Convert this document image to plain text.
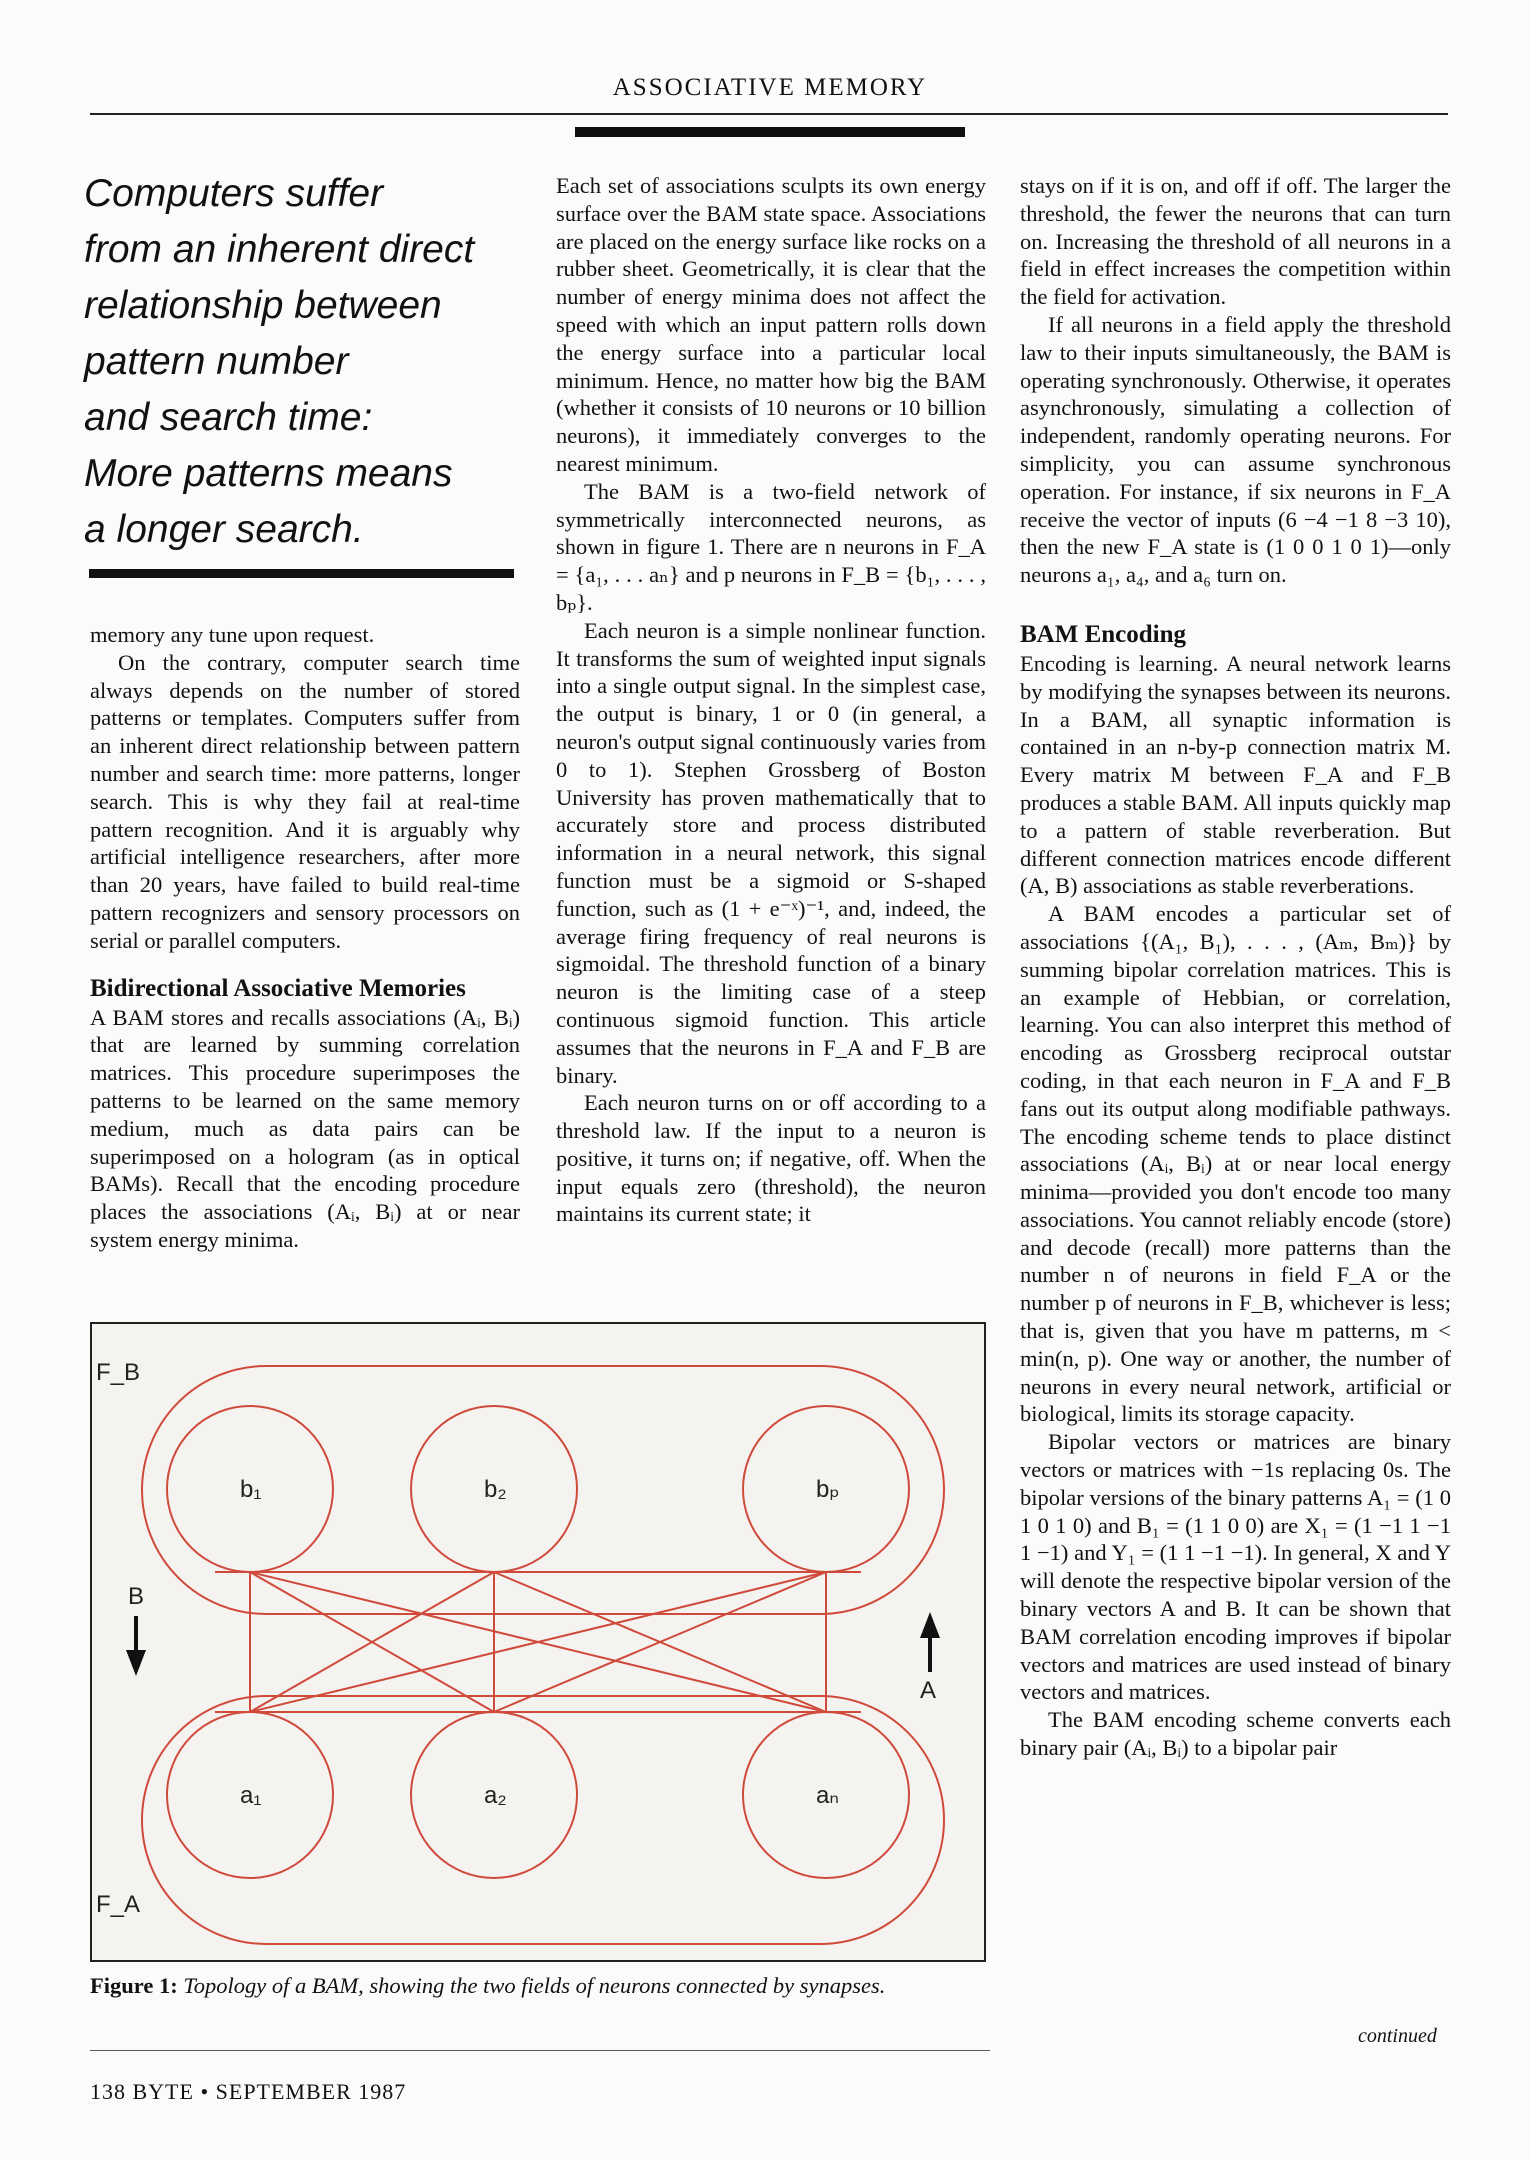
ASSOCIATIVE MEMORY
Computers suffer
from an inherent direct
relationship between
pattern number
and search time:
More patterns means
a longer search.

memory any tune upon request.

On the contrary, computer search time always depends on the number of stored patterns or templates. Computers suffer from an inherent direct relationship between pattern number and search time: more patterns, longer search. This is why they fail at real-time pattern recognition. And it is arguably why artificial intelligence researchers, after more than 20 years, have failed to build real-time pattern recognizers and sensory processors on serial or parallel computers.

Bidirectional Associative Memories

A BAM stores and recalls associations (Aᵢ, Bᵢ) that are learned by summing correlation matrices. This procedure superimposes the patterns to be learned on the same memory medium, much as data pairs can be superimposed on a hologram (as in optical BAMs). Recall that the encoding procedure places the associations (Aᵢ, Bᵢ) at or near system energy minima.

Each set of associations sculpts its own energy surface over the BAM state space. Associations are placed on the energy surface like rocks on a rubber sheet. Geometrically, it is clear that the number of energy minima does not affect the speed with which an input pattern rolls down the energy surface into a particular local minimum. Hence, no matter how big the BAM (whether it consists of 10 neurons or 10 billion neurons), it immediately converges to the nearest minimum.

The BAM is a two-field network of symmetrically interconnected neurons, as shown in figure 1. There are n neurons in F_A = {a₁, . . . aₙ} and p neurons in F_B = {b₁, . . . , bₚ}.

Each neuron is a simple nonlinear function. It transforms the sum of weighted input signals into a single output signal. In the simplest case, the output is binary, 1 or 0 (in general, a neuron's output signal continuously varies from 0 to 1). Stephen Grossberg of Boston University has proven mathematically that to accurately store and process distributed information in a neural network, this signal function must be a sigmoid or S-shaped function, such as (1 + e⁻ˣ)⁻¹, and, indeed, the average firing frequency of real neurons is sigmoidal. The threshold function of a binary neuron is the limiting case of a steep continuous sigmoid function. This article assumes that the neurons in F_A and F_B are binary.

Each neuron turns on or off according to a threshold law. If the input to a neuron is positive, it turns on; if negative, off. When the input equals zero (threshold), the neuron maintains its current state; it

stays on if it is on, and off if off. The larger the threshold, the fewer the neurons that can turn on. Increasing the threshold of all neurons in a field in effect increases the competition within the field for activation.

If all neurons in a field apply the threshold law to their inputs simultaneously, the BAM is operating synchronously. Otherwise, it operates asynchronously, simulating a collection of independent, randomly operating neurons. For simplicity, you can assume synchronous operation. For instance, if six neurons in F_A receive the vector of inputs (6 −4 −1 8 −3 10), then the new F_A state is (1 0 0 1 0 1)—only neurons a₁, a₄, and a₆ turn on.

BAM Encoding

Encoding is learning. A neural network learns by modifying the synapses between its neurons. In a BAM, all synaptic information is contained in an n-by-p connection matrix M. Every matrix M between F_A and F_B produces a stable BAM. All inputs quickly map to a pattern of stable reverberation. But different connection matrices encode different (A, B) associations as stable reverberations.

A BAM encodes a particular set of associations {(A₁, B₁), . . . , (Aₘ, Bₘ)} by summing bipolar correlation matrices. This is an example of Hebbian, or correlation, learning. You can also interpret this method of encoding as Grossberg reciprocal outstar coding, in that each neuron in F_A and F_B fans out its output along modifiable pathways. The encoding scheme tends to place distinct associations (Aᵢ, Bᵢ) at or near local energy minima—provided you don't encode too many associations. You cannot reliably encode (store) and decode (recall) more patterns than the number n of neurons in field F_A or the number p of neurons in F_B, whichever is less; that is, given that you have m patterns, m < min(n, p). One way or another, the number of neurons in every neural network, artificial or biological, limits its storage capacity.

Bipolar vectors or matrices are binary vectors or matrices with −1s replacing 0s. The bipolar versions of the binary patterns A₁ = (1 0 1 0 1 0) and B₁ = (1 1 0 0) are X₁ = (1 −1 1 −1 1 −1) and Y₁ = (1 1 −1 −1). In general, X and Y will denote the respective bipolar version of the binary vectors A and B. It can be shown that BAM correlation encoding improves if bipolar vectors and matrices are used instead of binary vectors and matrices.

The BAM encoding scheme converts each binary pair (Aᵢ, Bᵢ) to a bipolar pair

continued
F_B
F_A
b₁	b₂	bₚ
a₁	a₂	aₙ
B
A
Figure 1: Topology of a BAM, showing the two fields of neurons connected by synapses.
138 BYTE • SEPTEMBER 1987
